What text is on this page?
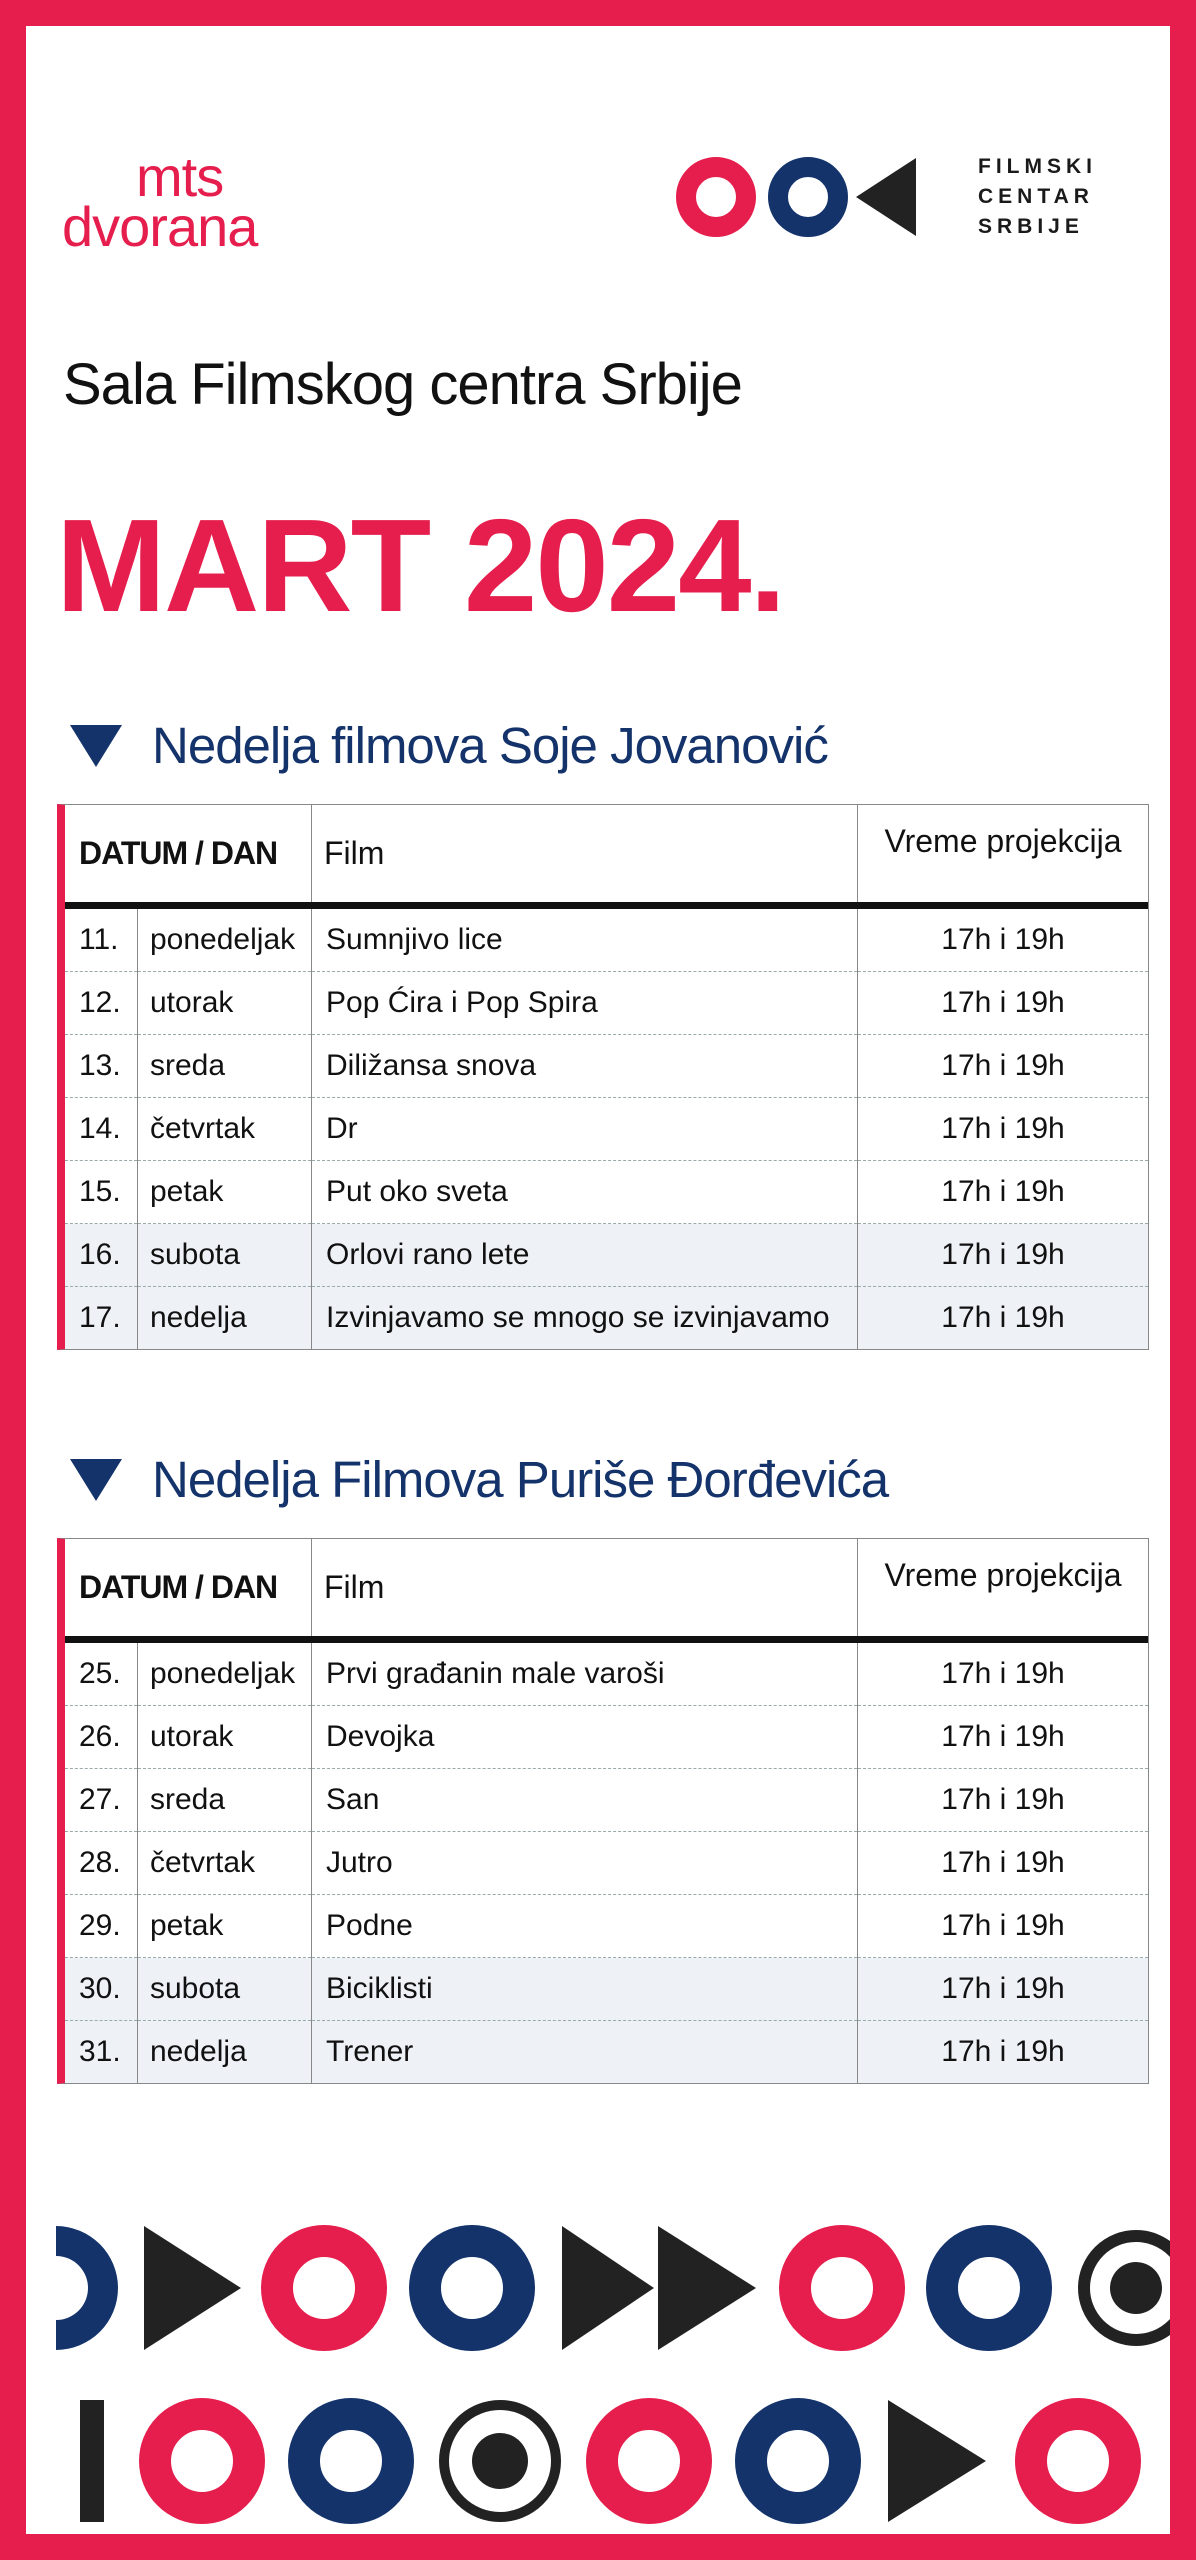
mts
dvorana
FILMSKI
CENTAR
SRBIJE
Sala Filmskog centra Srbije
MART 2024.
Nedelja filmova Soje Jovanović
DATUM / DAN		Film	Vreme projekcija
11.	ponedeljak	Sumnjivo lice	17h i 19h
12.	utorak	Pop Ćira i Pop Spira	17h i 19h
13.	sreda	Diližansa snova	17h i 19h
14.	četvrtak	Dr	17h i 19h
15.	petak	Put oko sveta	17h i 19h
16.	subota	Orlovi rano lete	17h i 19h
17.	nedelja	Izvinjavamo se mnogo se izvinjavamo	17h i 19h
Nedelja Filmova Puriše Đorđevića
DATUM / DAN		Film	Vreme projekcija
25.	ponedeljak	Prvi građanin male varoši	17h i 19h
26.	utorak	Devojka	17h i 19h
27.	sreda	San	17h i 19h
28.	četvrtak	Jutro	17h i 19h
29.	petak	Podne	17h i 19h
30.	subota	Biciklisti	17h i 19h
31.	nedelja	Trener	17h i 19h
